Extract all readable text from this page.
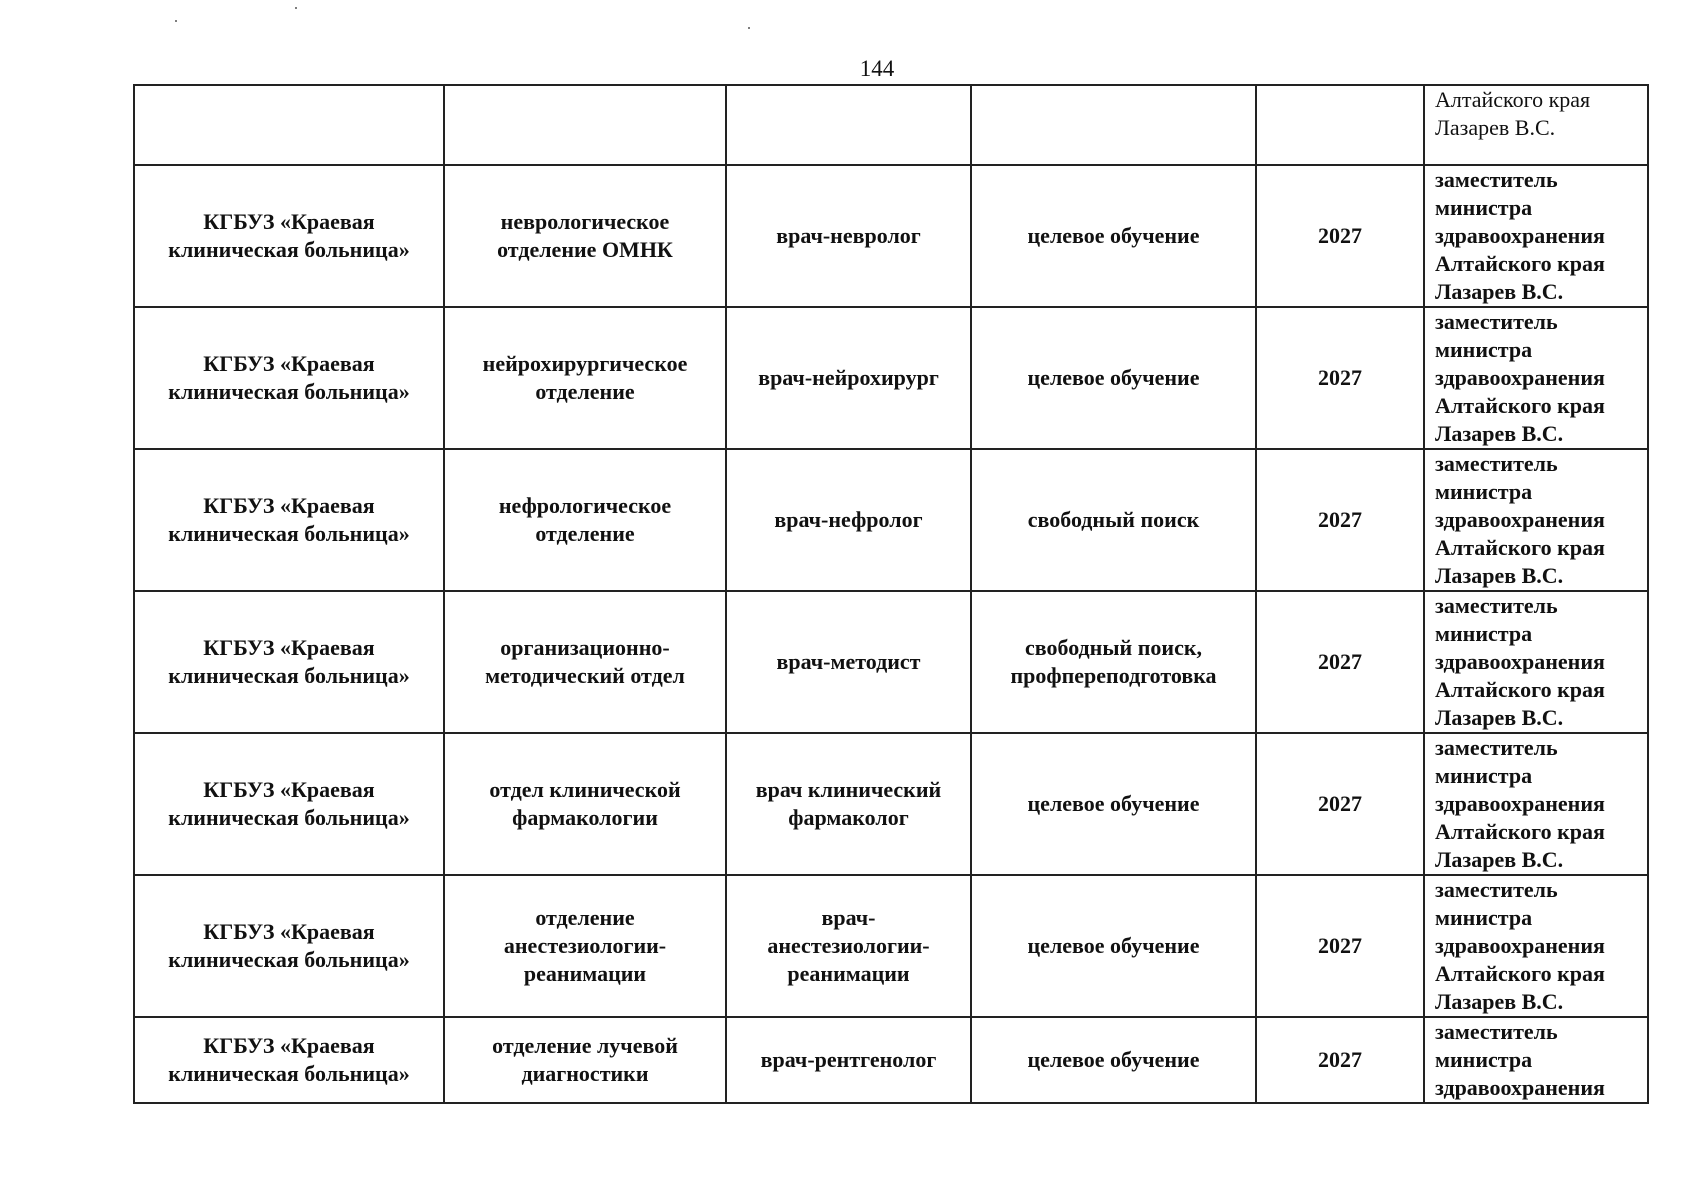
144

					Алтайского края
Лазарев В.С.

КГБУЗ «Краевая
клиническая больница»	неврологическое
отделение ОМНК	врач-невролог	целевое обучение	2027	заместитель
министра
здравоохранения
Алтайского края
Лазарев В.С.

КГБУЗ «Краевая
клиническая больница»	нейрохирургическое
отделение	врач-нейрохирург	целевое обучение	2027	заместитель
министра
здравоохранения
Алтайского края
Лазарев В.С.

КГБУЗ «Краевая
клиническая больница»	нефрологическое
отделение	врач-нефролог	свободный поиск	2027	заместитель
министра
здравоохранения
Алтайского края
Лазарев В.С.

КГБУЗ «Краевая
клиническая больница»	организационно-
методический отдел	врач-методист	свободный поиск,
профпереподготовка	2027	заместитель
министра
здравоохранения
Алтайского края
Лазарев В.С.

КГБУЗ «Краевая
клиническая больница»	отдел клинической
фармакологии	врач клинический
фармаколог	целевое обучение	2027	заместитель
министра
здравоохранения
Алтайского края
Лазарев В.С.

КГБУЗ «Краевая
клиническая больница»	отделение
анестезиологии-
реанимации	врач-
анестезиологии-
реанимации	целевое обучение	2027	заместитель
министра
здравоохранения
Алтайского края
Лазарев В.С.

КГБУЗ «Краевая
клиническая больница»	отделение лучевой
диагностики	врач-рентгенолог	целевое обучение	2027	заместитель
министра
здравоохранения
